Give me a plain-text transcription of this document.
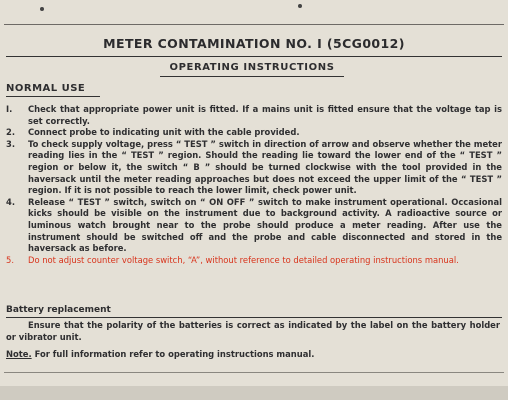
METER CONTAMINATION NO. I (5CG0012)
OPERATING INSTRUCTIONS
NORMAL USE
I.	Check that appropriate power unit is fitted. If a mains unit is fitted ensure that the voltage tap is set correctly.
2.	Connect probe to indicating unit with the cable provided.
3.	To check supply voltage, press “ TEST ” switch in direction of arrow and observe whether the meter reading lies in the “ TEST ” region. Should the reading lie toward the lower end of the “ TEST ” region or below it, the switch “ B ” should be turned clockwise with the tool provided in the haversack until the meter reading approaches but does not exceed the upper limit of the “ TEST ” region. If it is not possible to reach the lower limit, check power unit.
4.	Release “ TEST ” switch, switch on “ ON OFF ” switch to make instrument operational. Occasional kicks should be visible on the instrument due to background activity. A radioactive source or luminous watch brought near to the probe should produce a meter reading. After use the instrument should be switched off and the probe and cable disconnected and stored in the haversack as before.
5.	Do not adjust counter voltage switch, “A”, without reference to detailed operating instructions manual.
Battery replacement
Ensure that the polarity of the batteries is correct as indicated by the label on the battery holder or vibrator unit.
Note. For full information refer to operating instructions manual.
